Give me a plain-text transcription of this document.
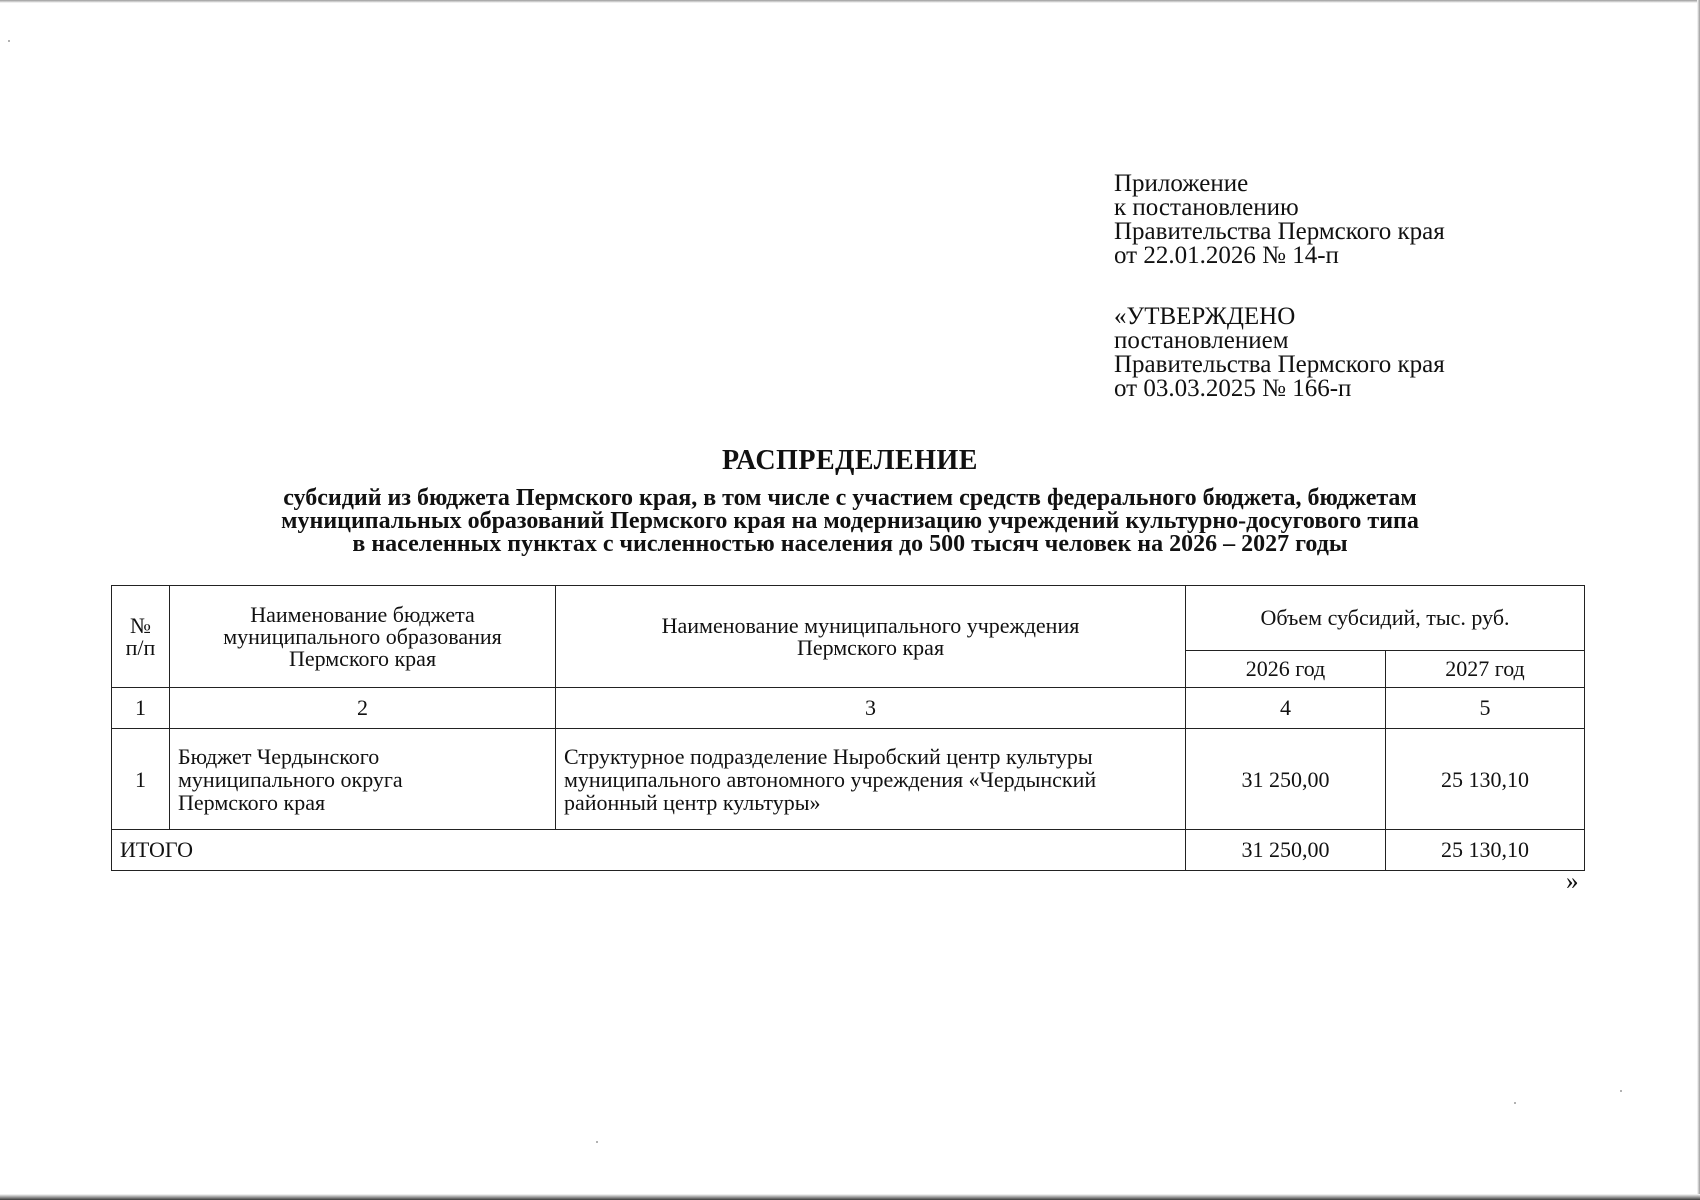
Приложение
к постановлению
Правительства Пермского края
от 22.01.2026 № 14-п
«УТВЕРЖДЕНО
постановлением
Правительства Пермского края
от 03.03.2025 № 166-п
РАСПРЕДЕЛЕНИЕ
субсидий из бюджета Пермского края, в том числе с участием средств федерального бюджета, бюджетам
муниципальных образований Пермского края на модернизацию учреждений культурно-досугового типа
в населенных пунктах с численностью населения до 500 тысяч человек на 2026 – 2027 годы
№
п/п	Наименование бюджета
муниципального образования
Пермского края	Наименование муниципального учреждения
Пермского края	Объем субсидий, тыс. руб.	
			2026 год	2027 год
1	2	3	4	5
1	Бюджет Чердынского
муниципального округа
Пермского края	Структурное подразделение Ныробский центр культуры
муниципального автономного учреждения «Чердынский
районный центр культуры»	31 250,00	25 130,10
ИТОГО			31 250,00	25 130,10
»
